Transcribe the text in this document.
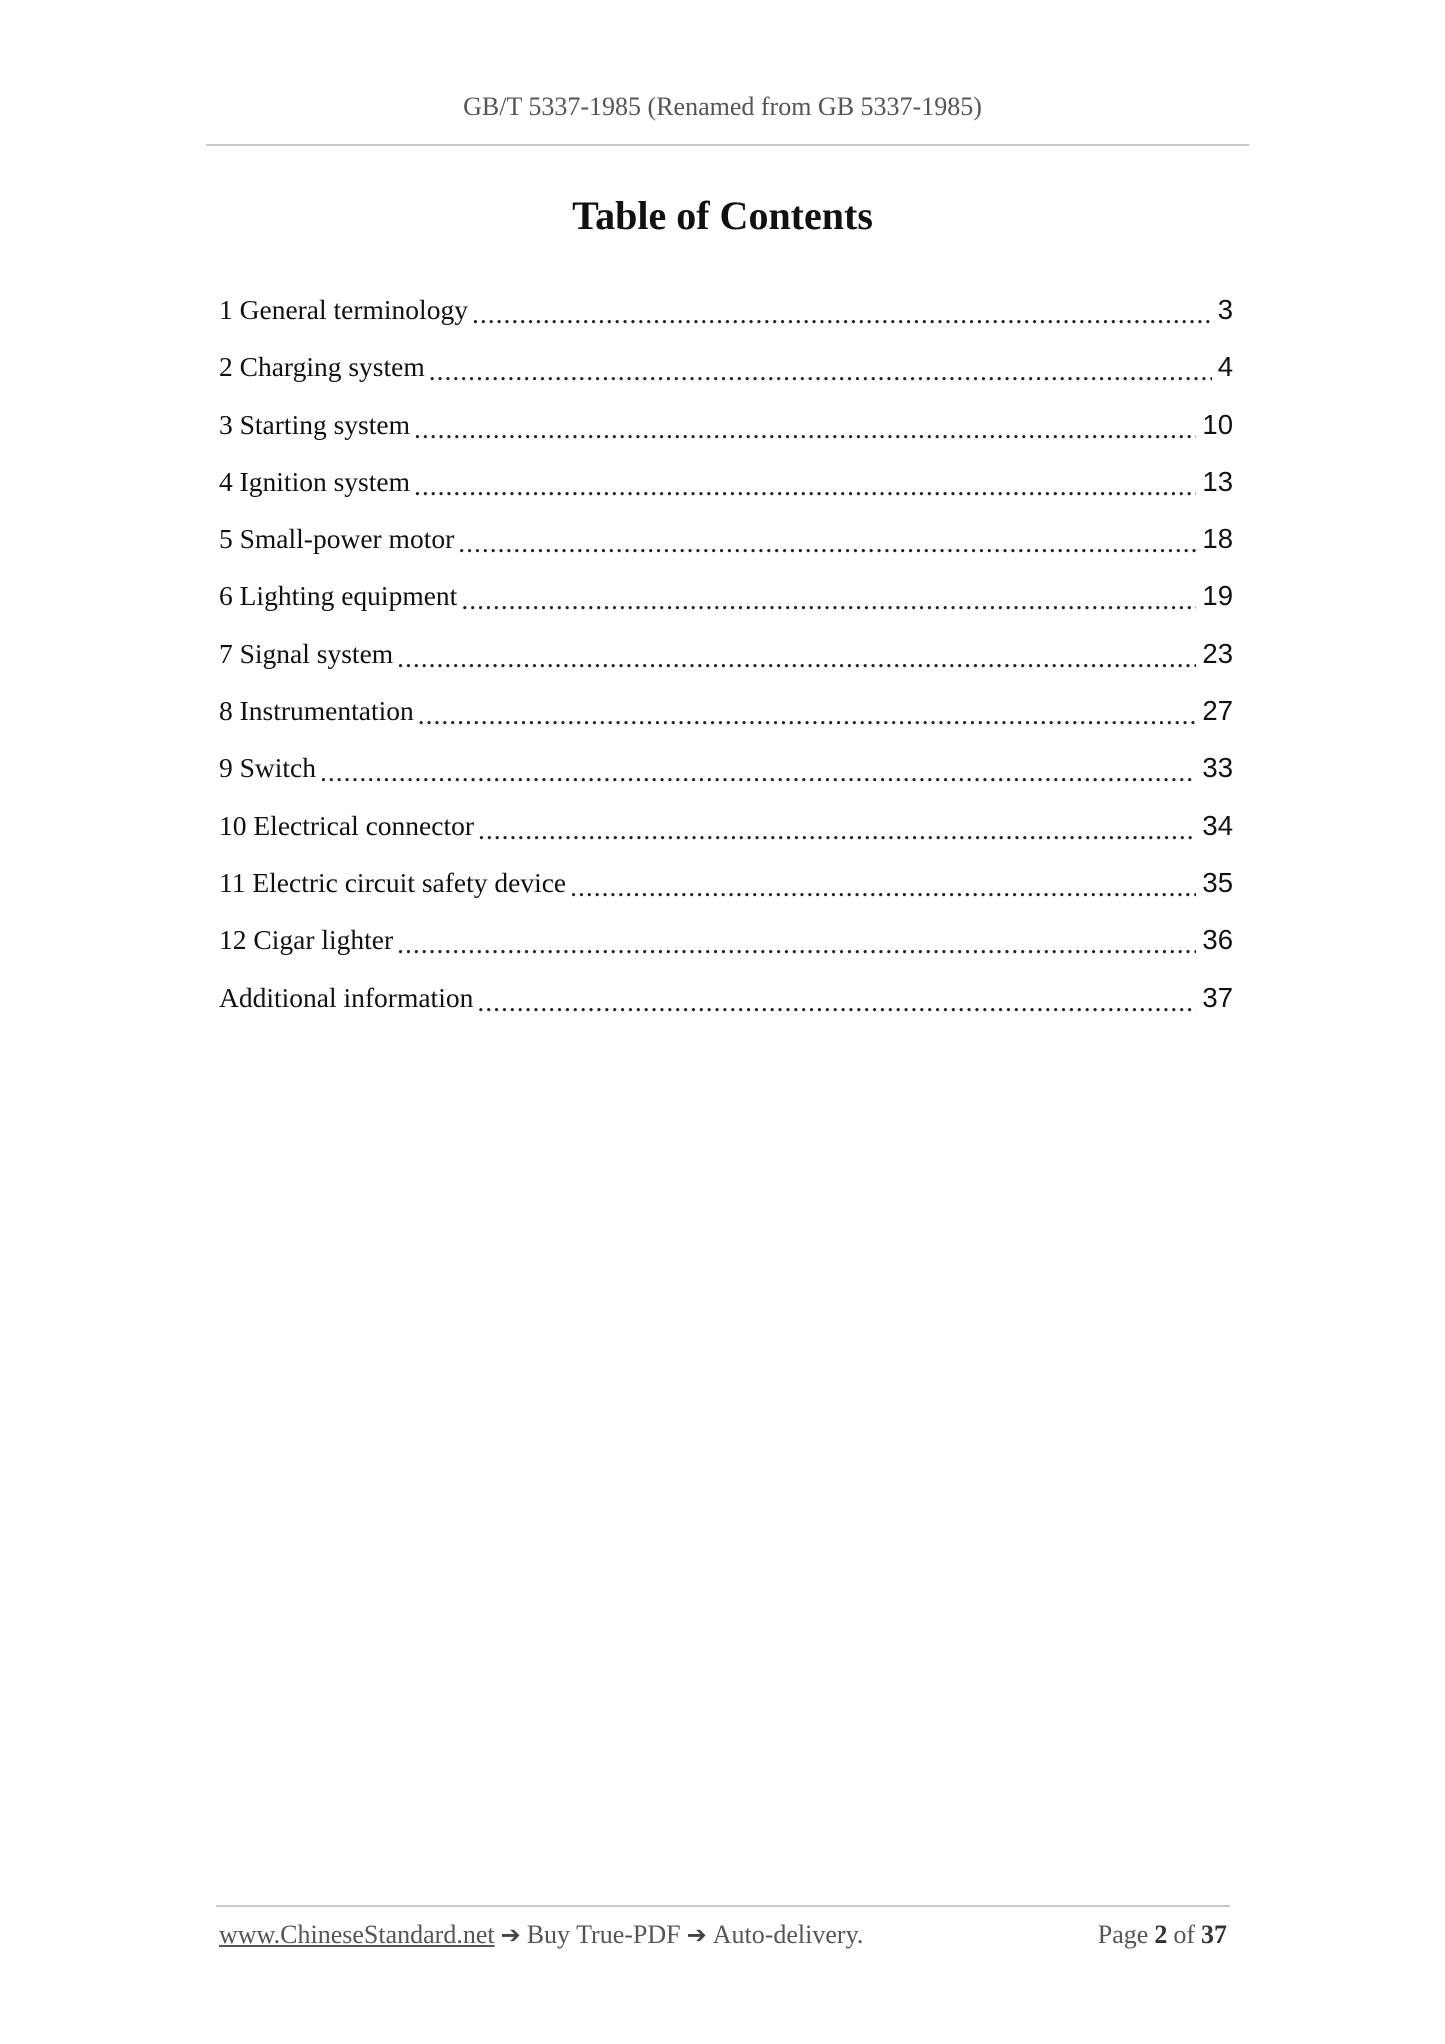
GB/T 5337-1985 (Renamed from GB 5337-1985)
Table of Contents
1 General terminology .....	3
2 Charging system .....	4
3 Starting system .....	10
4 Ignition system .....	13
5 Small-power motor .....	18
6 Lighting equipment .....	19
7 Signal system .....	23
8 Instrumentation .....	27
9 Switch .....	33
10 Electrical connector .....	34
11 Electric circuit safety device .....	35
12 Cigar lighter .....	36
Additional information .....	37
www.ChineseStandard.net ➔ Buy True-PDF ➔ Auto-delivery.	Page 2 of 37
